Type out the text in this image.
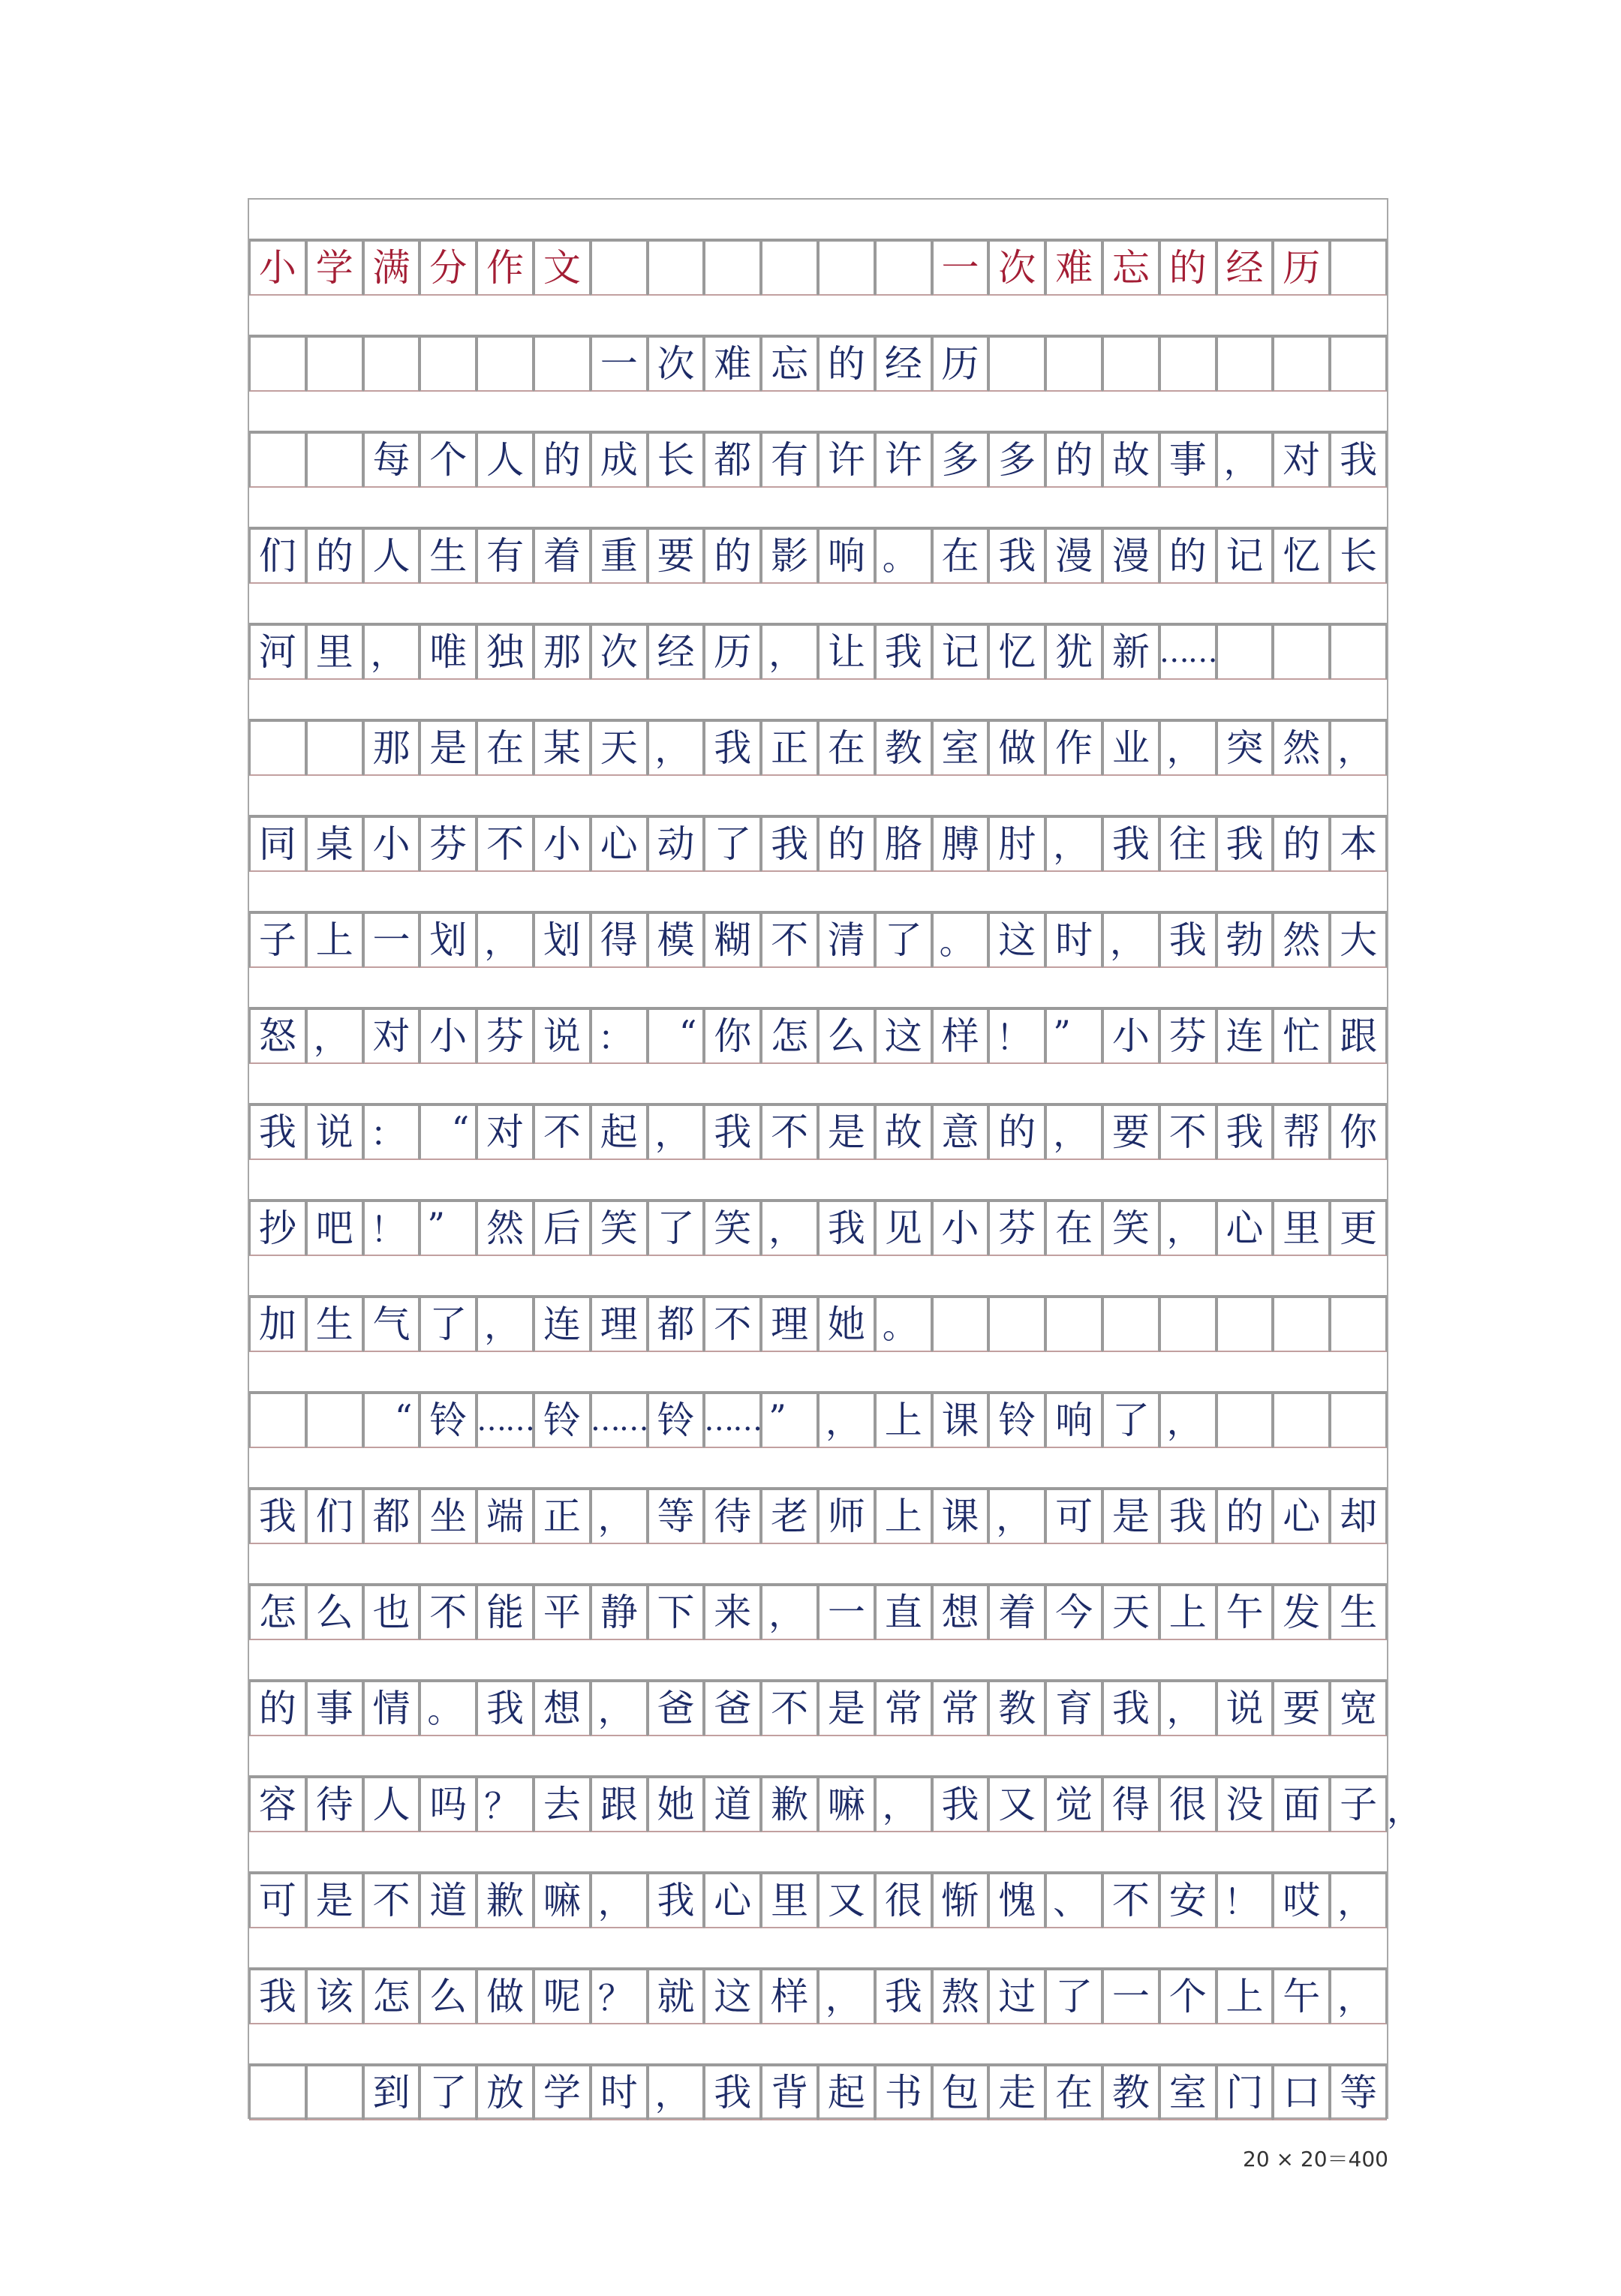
小 学 满 分 作 文	一 次 难 忘 的 经 历
一 次 难 忘 的 经 历
每 个 人 的 成 长 都 有 许 许 多 多 的 故 事 ， 对 我
们 的 人 生 有 着 重 要 的 影 响 。 在 我 漫 漫 的 记 忆 长
河 里 ， 唯 独 那 次 经 历 ， 让 我 记 忆 犹 新 ……
那 是 在 某 天 ， 我 正 在 教 室 做 作 业 ， 突 然 ，
同 桌 小 芬 不 小 心 动 了 我 的 胳 膊 肘 ， 我 往 我 的 本
子 上 一 划 ， 划 得 模 糊 不 清 了 。 这 时 ， 我 勃 然 大
怒 ， 对 小 芬 说 ：	“ 你 怎 么 这 样 ！ ”	小 芬 连 忙 跟
我 说 ：	“ 对 不 起 ， 我 不 是 故 意 的 ， 要 不 我 帮 你
抄 吧 ！ ”	然 后 笑 了 笑 ， 我 见 小 芬 在 笑 ， 心 里 更
加 生 气 了 ， 连 理 都 不 理 她 。
“ 铃 …… 铃 …… 铃 …… ”	， 上 课 铃 响 了 ，
我 们 都 坐 端 正 ， 等 待 老 师 上 课 ， 可 是 我 的 心 却
怎 么 也 不 能 平 静 下 来 ， 一 直 想 着 今 天 上 午 发 生
的 事 情 。 我 想 ， 爸 爸 不 是 常 常 教 育 我 ， 说 要 宽
容 待 人 吗 ？ 去 跟 她 道 歉 嘛 ， 我 又 觉 得 很 没 面 子 ，
可 是 不 道 歉 嘛 ， 我 心 里 又 很 惭 愧 、 不 安 ！ 哎 ，
我 该 怎 么 做 呢 ？ 就 这 样 ， 我 熬 过 了 一 个 上 午 ，
到 了 放 学 时 ， 我 背 起 书 包 走 在 教 室 门 口 等
20 × 20＝400
